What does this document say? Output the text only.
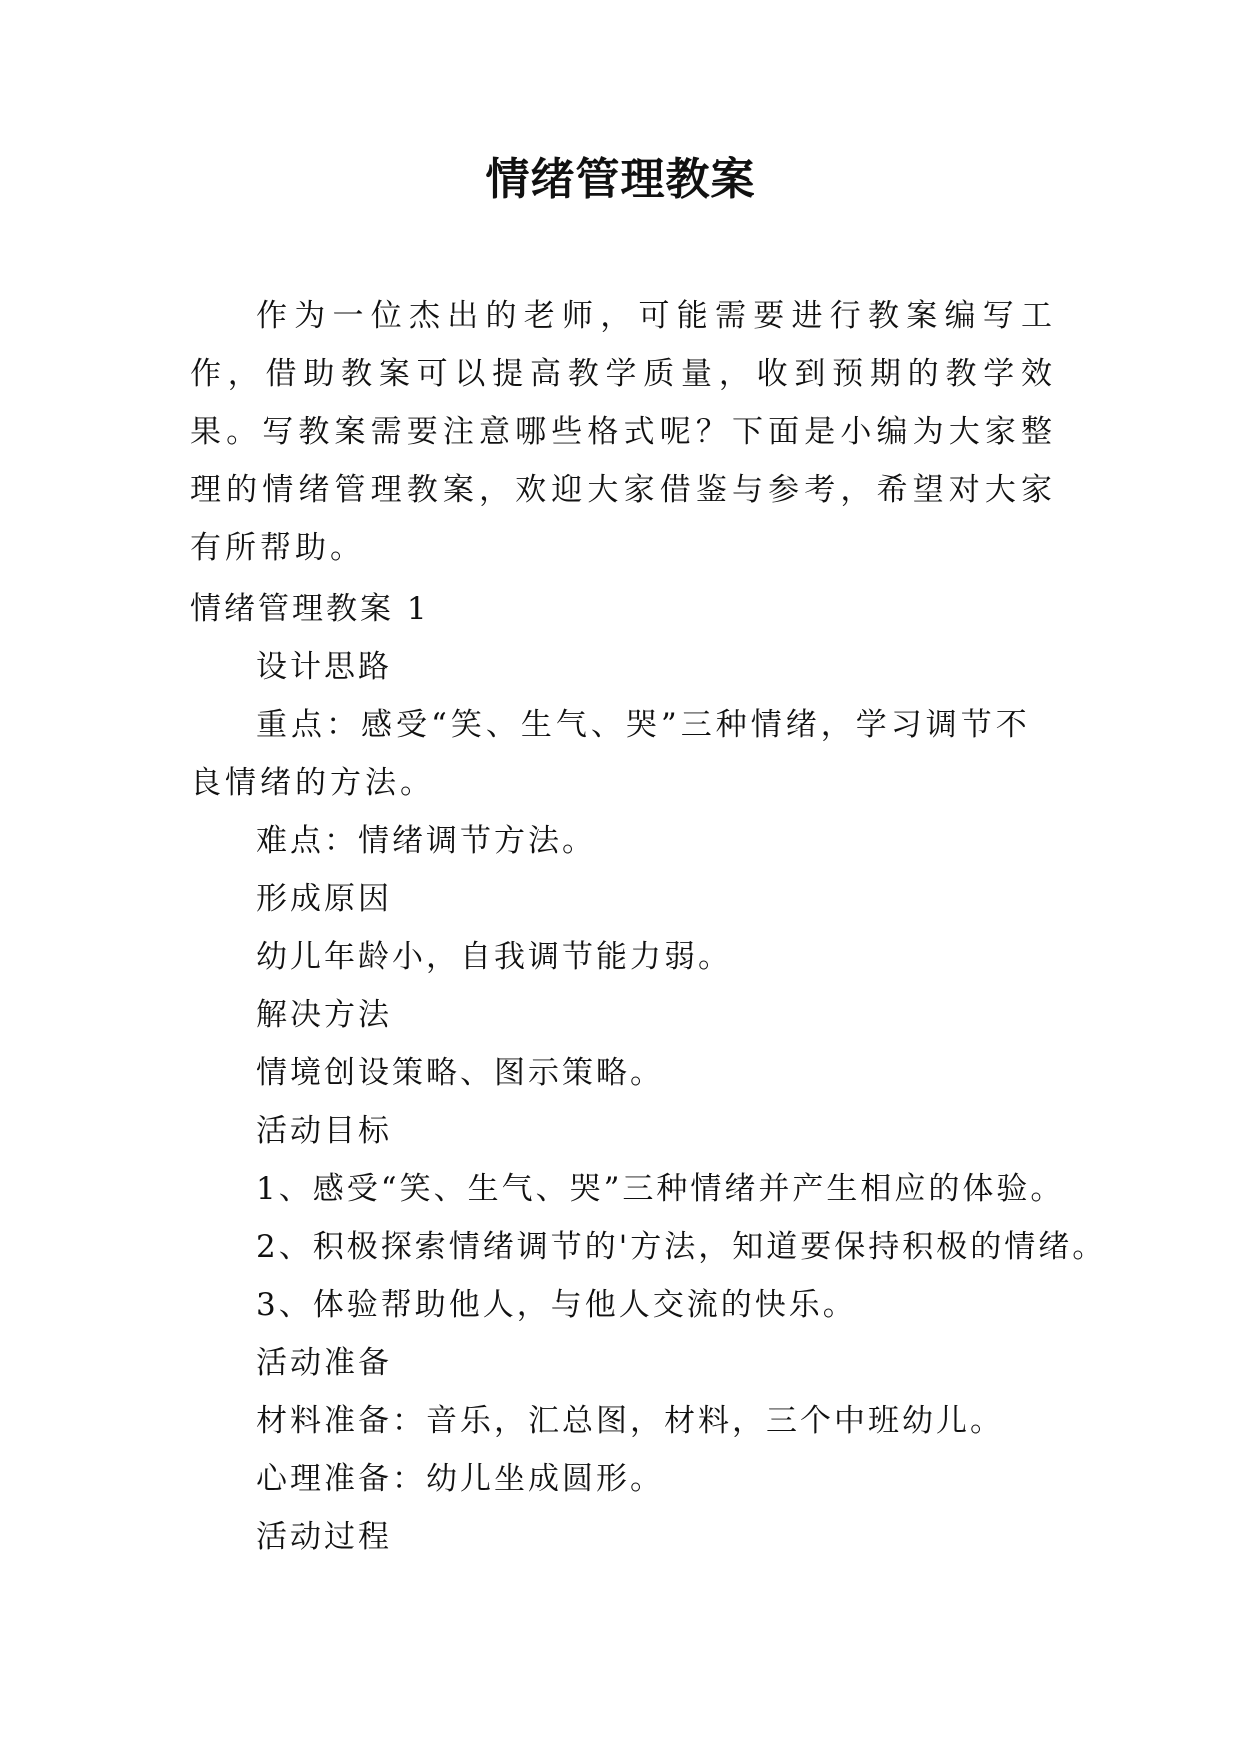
情绪管理教案

作为一位杰出的老师，可能需要进行教案编写工作，借助教案可以提高教学质量，收到预期的教学效果。写教案需要注意哪些格式呢？下面是小编为大家整理的情绪管理教案，欢迎大家借鉴与参考，希望对大家有所帮助。

情绪管理教案 1
设计思路
重点：感受“笑、生气、哭”三种情绪，学习调节不良情绪的方法。
难点：情绪调节方法。
形成原因
幼儿年龄小，自我调节能力弱。
解决方法
情境创设策略、图示策略。
活动目标
1、感受“笑、生气、哭”三种情绪并产生相应的体验。
2、积极探索情绪调节的'方法，知道要保持积极的情绪。
3、体验帮助他人，与他人交流的快乐。
活动准备
材料准备：音乐，汇总图，材料，三个中班幼儿。
心理准备：幼儿坐成圆形。
活动过程
